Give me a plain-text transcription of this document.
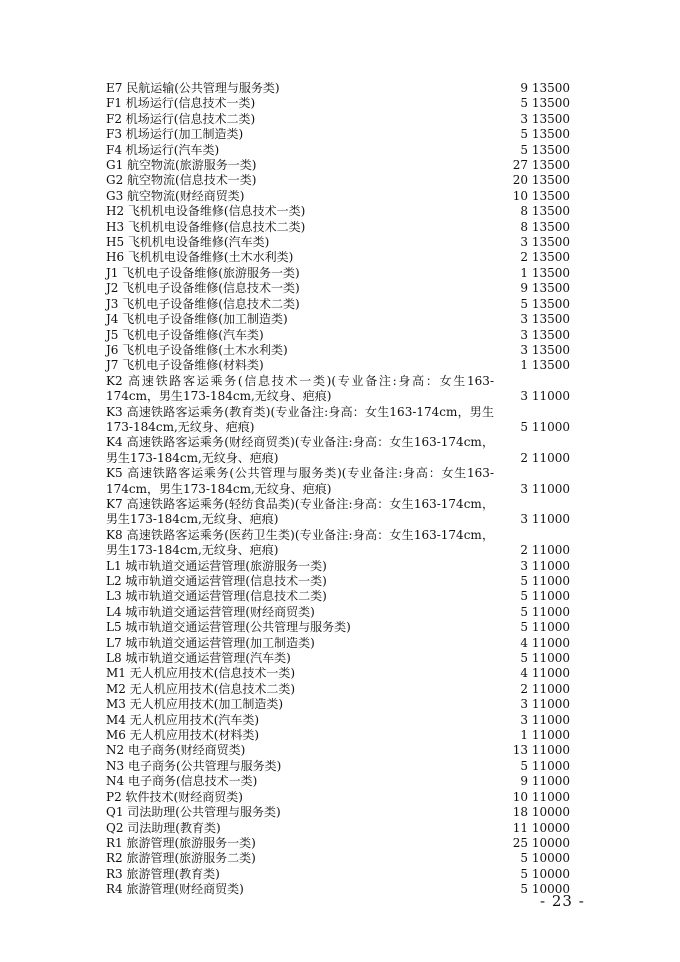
E7 民航运输(公共管理与服务类)	9 13500
F1 机场运行(信息技术一类)	5 13500
F2 机场运行(信息技术二类)	3 13500
F3 机场运行(加工制造类)	5 13500
F4 机场运行(汽车类)	5 13500
G1 航空物流(旅游服务一类)	27 13500
G2 航空物流(信息技术一类)	20 13500
G3 航空物流(财经商贸类)	10 13500
H2 飞机机电设备维修(信息技术一类)	8 13500
H3 飞机机电设备维修(信息技术二类)	8 13500
H5 飞机机电设备维修(汽车类)	3 13500
H6 飞机机电设备维修(土木水利类)	2 13500
J1 飞机电子设备维修(旅游服务一类)	1 13500
J2 飞机电子设备维修(信息技术一类)	9 13500
J3 飞机电子设备维修(信息技术二类)	5 13500
J4 飞机电子设备维修(加工制造类)	3 13500
J5 飞机电子设备维修(汽车类)	3 13500
J6 飞机电子设备维修(土木水利类)	3 13500
J7 飞机电子设备维修(材料类)	1 13500
K2 高速铁路客运乘务(信息技术一类)(专业备注:身高：女生163-174cm，男生173-184cm,无纹身、疤痕)	3 11000
K3 高速铁路客运乘务(教育类)(专业备注:身高：女生163-174cm，男生173-184cm,无纹身、疤痕)	5 11000
K4 高速铁路客运乘务(财经商贸类)(专业备注:身高：女生163-174cm，男生173-184cm,无纹身、疤痕)	2 11000
K5 高速铁路客运乘务(公共管理与服务类)(专业备注:身高：女生163-174cm，男生173-184cm,无纹身、疤痕)	3 11000
K7 高速铁路客运乘务(轻纺食品类)(专业备注:身高：女生163-174cm，男生173-184cm,无纹身、疤痕)	3 11000
K8 高速铁路客运乘务(医药卫生类)(专业备注:身高：女生163-174cm，男生173-184cm,无纹身、疤痕)	2 11000
L1 城市轨道交通运营管理(旅游服务一类)	3 11000
L2 城市轨道交通运营管理(信息技术一类)	5 11000
L3 城市轨道交通运营管理(信息技术二类)	5 11000
L4 城市轨道交通运营管理(财经商贸类)	5 11000
L5 城市轨道交通运营管理(公共管理与服务类)	5 11000
L7 城市轨道交通运营管理(加工制造类)	4 11000
L8 城市轨道交通运营管理(汽车类)	5 11000
M1 无人机应用技术(信息技术一类)	4 11000
M2 无人机应用技术(信息技术二类)	2 11000
M3 无人机应用技术(加工制造类)	3 11000
M4 无人机应用技术(汽车类)	3 11000
M6 无人机应用技术(材料类)	1 11000
N2 电子商务(财经商贸类)	13 11000
N3 电子商务(公共管理与服务类)	5 11000
N4 电子商务(信息技术一类)	9 11000
P2 软件技术(财经商贸类)	10 11000
Q1 司法助理(公共管理与服务类)	18 10000
Q2 司法助理(教育类)	11 10000
R1 旅游管理(旅游服务一类)	25 10000
R2 旅游管理(旅游服务二类)	5 10000
R3 旅游管理(教育类)	5 10000
R4 旅游管理(财经商贸类)	5 10000
- 23 -
